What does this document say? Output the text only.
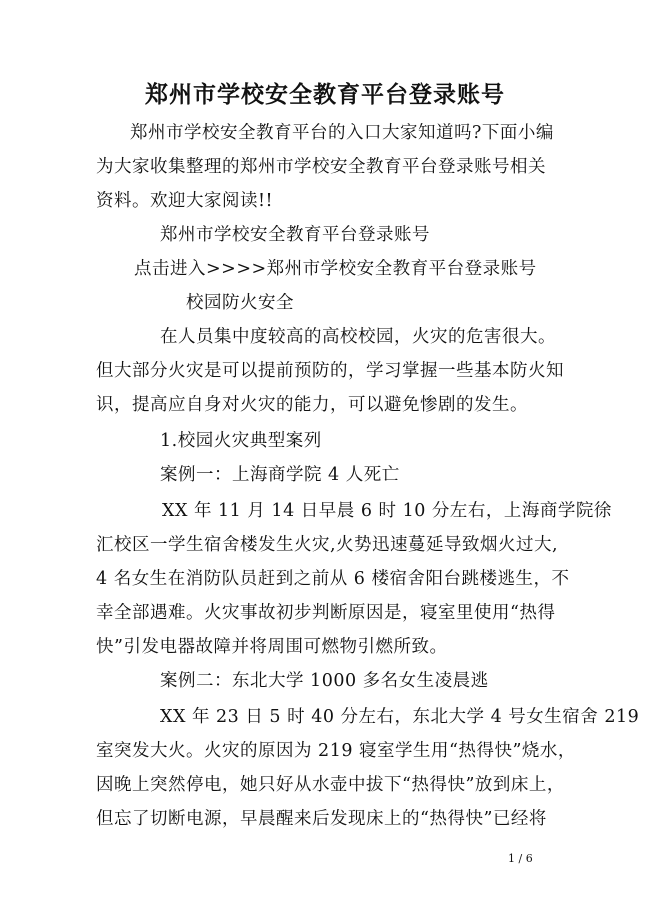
郑州市学校安全教育平台登录账号
郑州市学校安全教育平台的入口大家知道吗?下面小编
为大家收集整理的郑州市学校安全教育平台登录账号相关
资料。欢迎大家阅读!!
郑州市学校安全教育平台登录账号
点击进入>>>>郑州市学校安全教育平台登录账号
校园防火安全
在人员集中度较高的高校校园，火灾的危害很大。
但大部分火灾是可以提前预防的，学习掌握一些基本防火知
识，提高应自身对火灾的能力，可以避免惨剧的发生。
1.校园火灾典型案列
案例一：上海商学院 4 人死亡
XX 年 11 月 14 日早晨 6 时 10 分左右，上海商学院徐
汇校区一学生宿舍楼发生火灾,火势迅速蔓延导致烟火过大,
4 名女生在消防队员赶到之前从 6 楼宿舍阳台跳楼逃生，不
幸全部遇难。火灾事故初步判断原因是，寝室里使用“热得
快”引发电器故障并将周围可燃物引燃所致。
案例二：东北大学 1000 多名女生凌晨逃
XX 年 23 日 5 时 40 分左右，东北大学 4 号女生宿舍 219
室突发大火。火灾的原因为 219 寝室学生用“热得快”烧水，
因晚上突然停电，她只好从水壶中拔下“热得快”放到床上，
但忘了切断电源，早晨醒来后发现床上的“热得快”已经将
1 / 6
